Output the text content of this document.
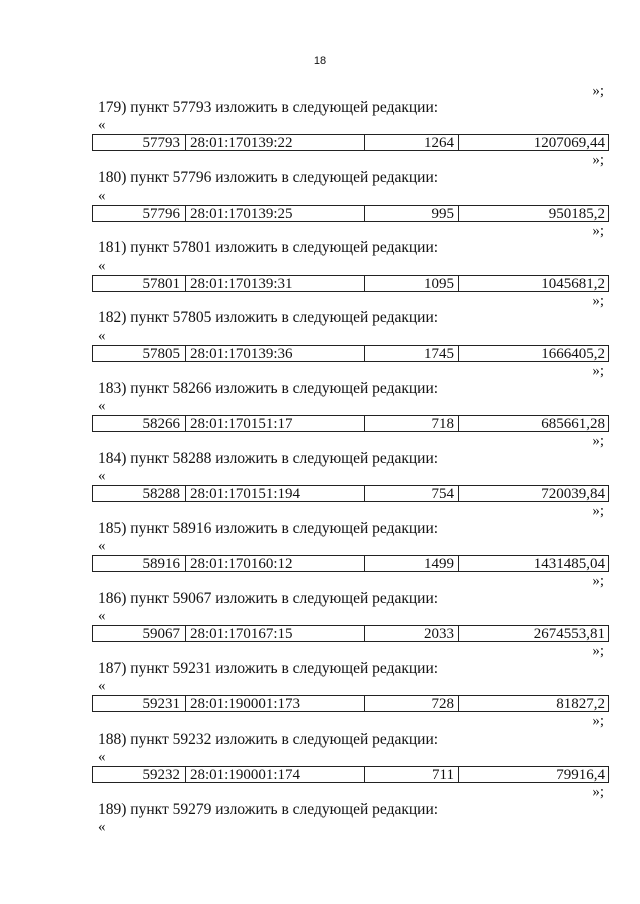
18
»;
179) пункт 57793 изложить в следующей редакции:
«
57793 28:01:170139:22	1264	1207069,44
»;
180) пункт 57796 изложить в следующей редакции:
«
57796 28:01:170139:25	995	950185,2
»;
181) пункт 57801 изложить в следующей редакции:
«
57801 28:01:170139:31	1095	1045681,2
»;
182) пункт 57805 изложить в следующей редакции:
«
57805 28:01:170139:36	1745	1666405,2
»;
183) пункт 58266 изложить в следующей редакции:
«
58266 28:01:170151:17	718	685661,28
»;
184) пункт 58288 изложить в следующей редакции:
«
58288 28:01:170151:194	754	720039,84
»;
185) пункт 58916 изложить в следующей редакции:
«
58916 28:01:170160:12	1499	1431485,04
»;
186) пункт 59067 изложить в следующей редакции:
«
59067 28:01:170167:15	2033	2674553,81
»;
187) пункт 59231 изложить в следующей редакции:
«
59231 28:01:190001:173	728	81827,2
»;
188) пункт 59232 изложить в следующей редакции:
«
59232 28:01:190001:174	711	79916,4
»;
189) пункт 59279 изложить в следующей редакции:
«
